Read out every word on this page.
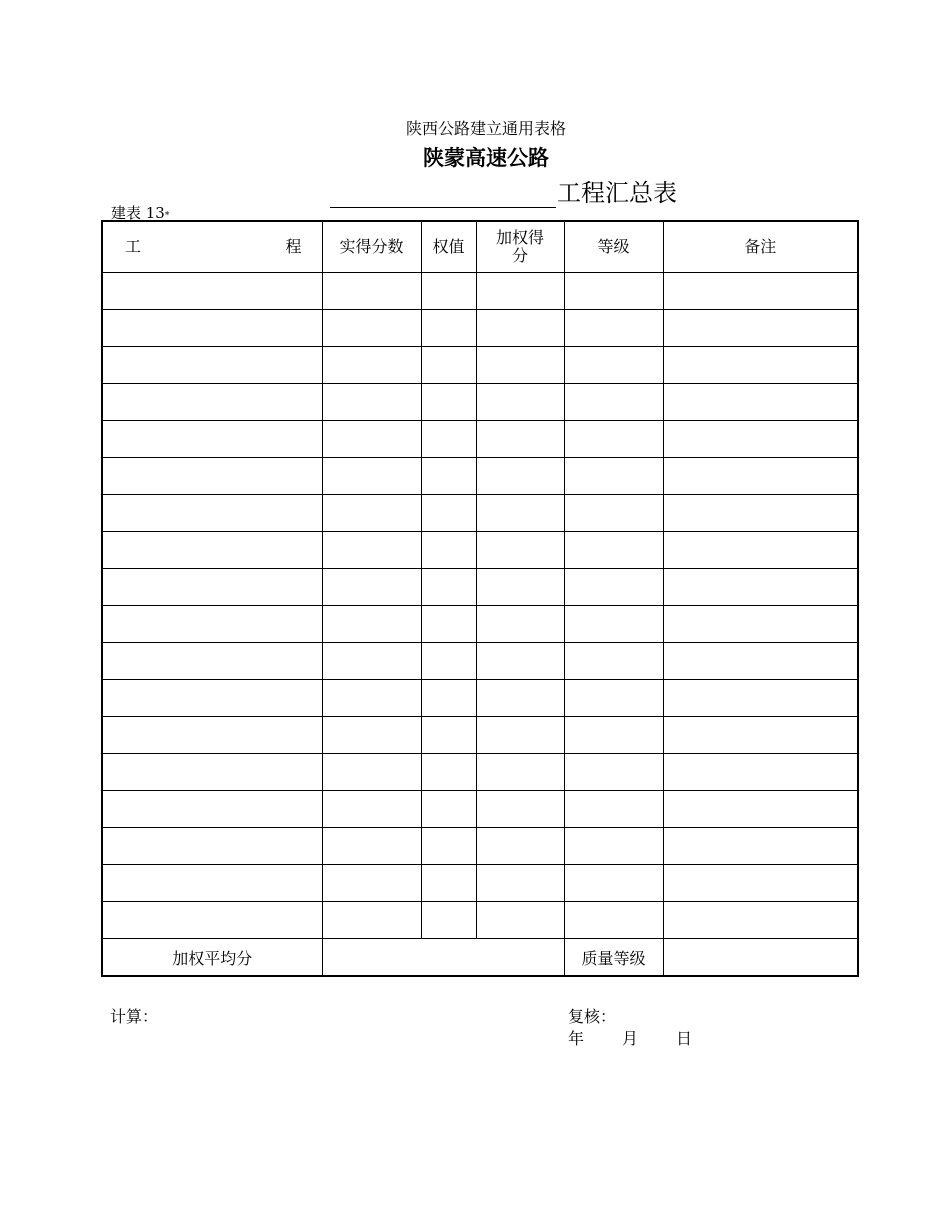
陕西公路建立通用表格
陕蒙高速公路
工程汇总表
建表 13*
工 程	实得分数	权值	加权得分	等级	备注

加权平均分				质量等级	
计算：	复核：
年 月 日
